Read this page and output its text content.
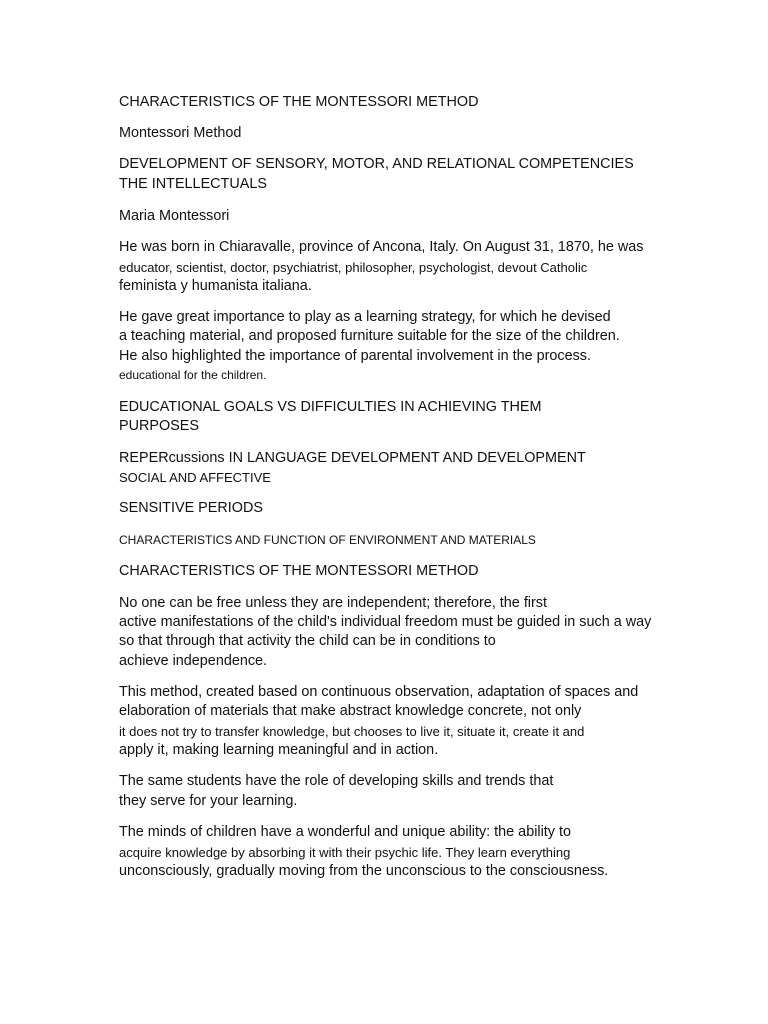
CHARACTERISTICS OF THE MONTESSORI METHOD
Montessori Method
DEVELOPMENT OF SENSORY, MOTOR, AND RELATIONAL COMPETENCIES
THE INTELLECTUALS
Maria Montessori
He was born in Chiaravalle, province of Ancona, Italy. On August 31, 1870, he was
educator, scientist, doctor, psychiatrist, philosopher, psychologist, devout Catholic
feminista y humanista italiana.
He gave great importance to play as a learning strategy, for which he devised
a teaching material, and proposed furniture suitable for the size of the children.
He also highlighted the importance of parental involvement in the process.
educational for the children.
EDUCATIONAL GOALS VS DIFFICULTIES IN ACHIEVING THEM
PURPOSES
REPERcussions IN LANGUAGE DEVELOPMENT AND DEVELOPMENT
SOCIAL AND AFFECTIVE
SENSITIVE PERIODS
CHARACTERISTICS AND FUNCTION OF ENVIRONMENT AND MATERIALS
CHARACTERISTICS OF THE MONTESSORI METHOD
No one can be free unless they are independent; therefore, the first
active manifestations of the child's individual freedom must be guided in such a way
so that through that activity the child can be in conditions to
achieve independence.
This method, created based on continuous observation, adaptation of spaces and
elaboration of materials that make abstract knowledge concrete, not only
it does not try to transfer knowledge, but chooses to live it, situate it, create it and
apply it, making learning meaningful and in action.
The same students have the role of developing skills and trends that
they serve for your learning.
The minds of children have a wonderful and unique ability: the ability to
acquire knowledge by absorbing it with their psychic life. They learn everything
unconsciously, gradually moving from the unconscious to the consciousness.
